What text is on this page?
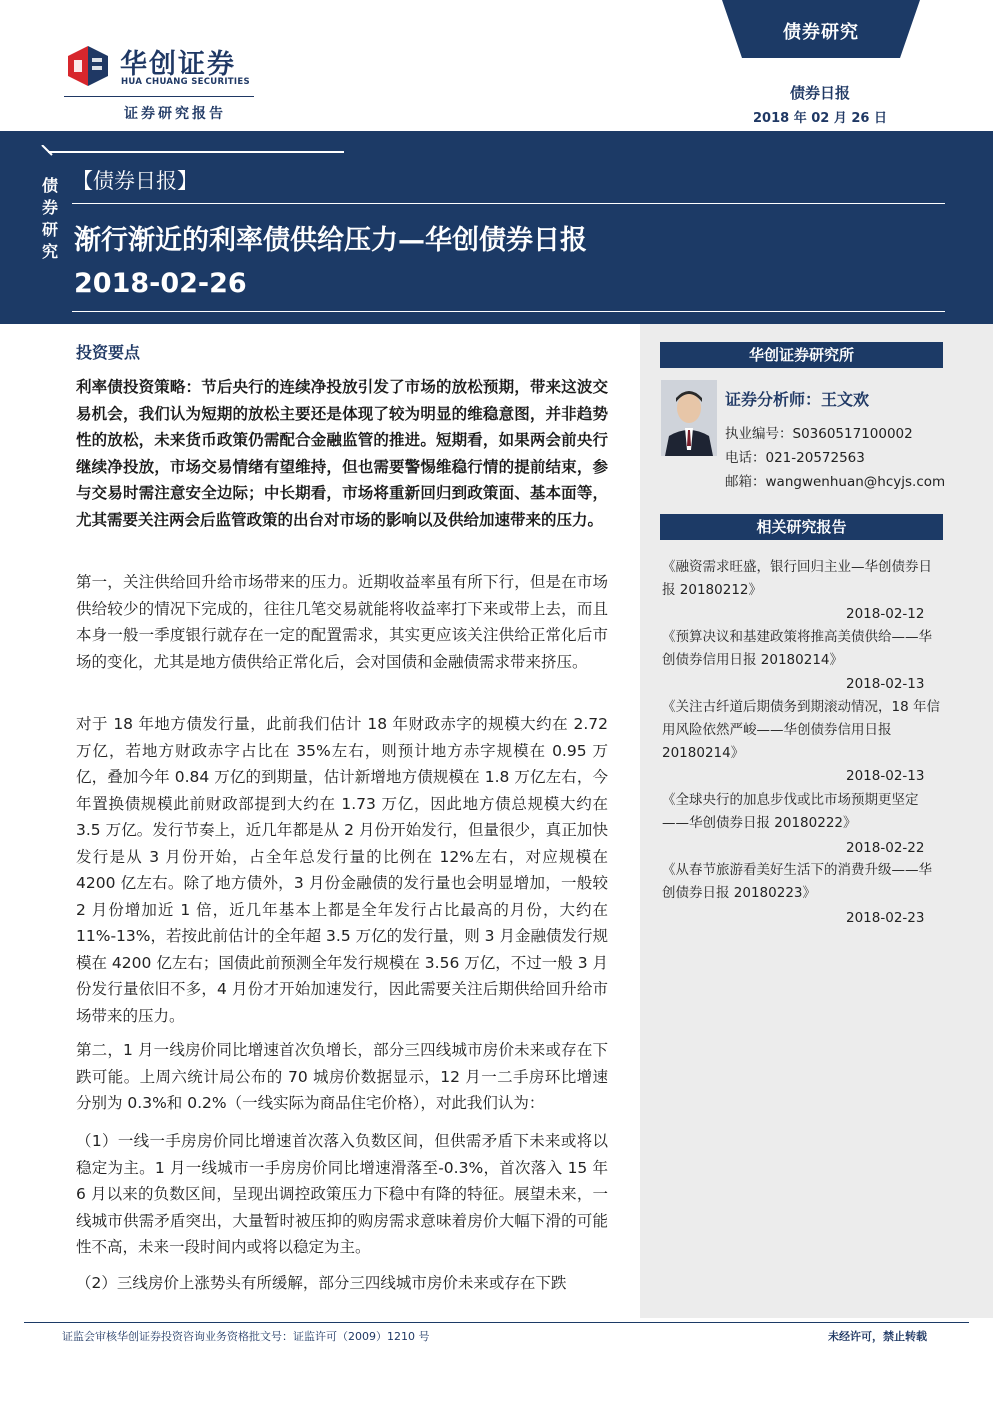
华创证券
HUA CHUANG SECURITIES
证券研究报告
债券研究
债券日报
2018 年 02 月 26 日
债券研究
【债券日报】
渐行渐近的利率债供给压力—华创债券日报 2018-02-26
华创证券研究所
证券分析师：王文欢
执业编号：S0360517100002
电话：021-20572563
邮箱：wangwenhuan@hcyjs.com
相关研究报告
《融资需求旺盛，银行回归主业—华创债券日报 20180212》
2018-02-12
《预算决议和基建政策将推高美债供给——华创债券信用日报 20180214》
2018-02-13
《关注古纤道后期债务到期滚动情况，18 年信用风险依然严峻——华创债券信用日报 20180214》
2018-02-13
《全球央行的加息步伐或比市场预期更坚定——华创债券日报 20180222》
2018-02-22
《从春节旅游看美好生活下的消费升级——华创债券日报 20180223》
2018-02-23
投资要点
利率债投资策略：节后央行的连续净投放引发了市场的放松预期，带来这波交易机会，我们认为短期的放松主要还是体现了较为明显的维稳意图，并非趋势性的放松，未来货币政策仍需配合金融监管的推进。短期看，如果两会前央行继续净投放，市场交易情绪有望维持，但也需要警惕维稳行情的提前结束，参与交易时需注意安全边际；中长期看，市场将重新回归到政策面、基本面等，尤其需要关注两会后监管政策的出台对市场的影响以及供给加速带来的压力。
第一，关注供给回升给市场带来的压力。近期收益率虽有所下行，但是在市场供给较少的情况下完成的，往往几笔交易就能将收益率打下来或带上去，而且本身一般一季度银行就存在一定的配置需求，其实更应该关注供给正常化后市场的变化，尤其是地方债供给正常化后，会对国债和金融债需求带来挤压。
对于 18 年地方债发行量，此前我们估计 18 年财政赤字的规模大约在 2.72 万亿，若地方财政赤字占比在 35%左右，则预计地方赤字规模在 0.95 万亿，叠加今年 0.84 万亿的到期量，估计新增地方债规模在 1.8 万亿左右，今年置换债规模此前财政部提到大约在 1.73 万亿，因此地方债总规模大约在 3.5 万亿。发行节奏上，近几年都是从 2 月份开始发行，但量很少，真正加快发行是从 3 月份开始，占全年总发行量的比例在 12%左右，对应规模在 4200 亿左右。除了地方债外，3 月份金融债的发行量也会明显增加，一般较 2 月份增加近 1 倍，近几年基本上都是全年发行占比最高的月份，大约在 11%-13%，若按此前估计的全年超 3.5 万亿的发行量，则 3 月金融债发行规模在 4200 亿左右；国债此前预测全年发行规模在 3.56 万亿，不过一般 3 月份发行量依旧不多，4 月份才开始加速发行，因此需要关注后期供给回升给市场带来的压力。
第二，1 月一线房价同比增速首次负增长，部分三四线城市房价未来或存在下跌可能。上周六统计局公布的 70 城房价数据显示，12 月一二手房环比增速分别为 0.3%和 0.2%（一线实际为商品住宅价格），对此我们认为：
（1）一线一手房房价同比增速首次落入负数区间，但供需矛盾下未来或将以稳定为主。1 月一线城市一手房房价同比增速滑落至-0.3%，首次落入 15 年 6 月以来的负数区间，呈现出调控政策压力下稳中有降的特征。展望未来，一线城市供需矛盾突出，大量暂时被压抑的购房需求意味着房价大幅下滑的可能性不高，未来一段时间内或将以稳定为主。
（2）三线房价上涨势头有所缓解，部分三四线城市房价未来或存在下跌
证监会审核华创证券投资咨询业务资格批文号：证监许可（2009）1210 号	未经许可，禁止转载
